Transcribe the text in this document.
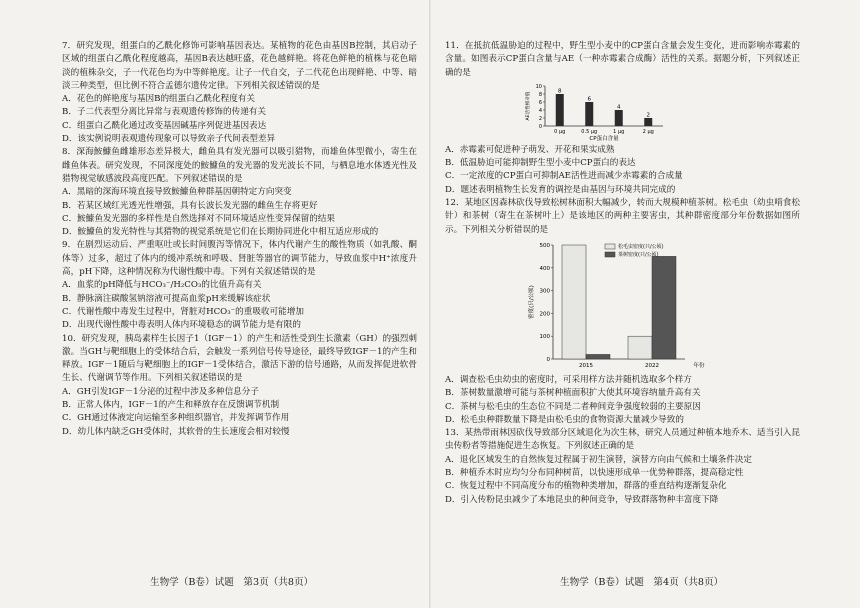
7．研究发现，组蛋白的乙酰化修饰可影响基因表达。某植物的花色由基因B控制，其启动子区域的组蛋白乙酰化程度越高，基因B表达越旺盛，花色越鲜艳。将花色鲜艳的植株与花色暗淡的植株杂交，子一代花色均为中等鲜艳度。让子一代自交，子二代花色出现鲜艳、中等、暗淡三种类型，但比例不符合孟德尔遗传定律。下列相关叙述错误的是
A．花色的鲜艳度与基因B的组蛋白乙酰化程度有关
B．子二代表型分离比异常与表观遗传修饰的传递有关
C．组蛋白乙酰化通过改变基因碱基序列促进基因表达
D．该实例说明表观遗传现象可以导致亲子代间表型差异
8．深海鮟鱇鱼雌雄形态差异极大，雌鱼具有发光器可以吸引猎物，而雄鱼体型微小，寄生在雌鱼体表。研究发现，不同深度处的鮟鱇鱼的发光器的发光波长不同，与栖息地水体透光性及猎物视觉敏感波段高度匹配。下列叙述错误的是
A．黑暗的深海环境直接导致鮟鱇鱼种群基因朝特定方向突变
B．若某区域红光透光性增强，具有长波长发光器的雌鱼生存将更好
C．鮟鱇鱼发光器的多样性是自然选择对不同环境适应性变异保留的结果
D．鮟鱇鱼的发光特性与其猎物的视觉系统是它们在长期协同进化中相互适应形成的
9．在剧烈运动后、严重呕吐或长时间腹泻等情况下，体内代谢产生的酸性物质（如乳酸、酮体等）过多，超过了体内的缓冲系统和呼吸、肾脏等器官的调节能力，导致血浆中H⁺浓度升高，pH下降，这种情况称为代谢性酸中毒。下列有关叙述错误的是
A．血浆的pH降低与HCO₃⁻/H₂CO₃的比值升高有关
B．静脉滴注碳酸氢钠溶液可提高血浆pH来缓解该症状
C．代谢性酸中毒发生过程中，肾脏对HCO₃⁻的重吸收可能增加
D．出现代谢性酸中毒表明人体内环境稳态的调节能力是有限的
10．研究发现，胰岛素样生长因子1（IGF－1）的产生和活性受到生长激素（GH）的强烈刺激。当GH与靶细胞上的受体结合后，会触发一系列信号传导途径，最终导致IGF－1的产生和释放。IGF－1随后与靶细胞上的IGF－1受体结合，激活下游的信号通路，从而发挥促进软骨生长、代谢调节等作用。下列相关叙述错误的是
A．GH引发IGF－1分泌的过程中涉及多种信息分子
B．正常人体内，IGF－1的产生和释放存在反馈调节机制
C．GH通过体液定向运输至多种组织器官，并发挥调节作用
D．幼儿体内缺乏GH受体时，其软骨的生长速度会相对较慢
11．在抵抗低温胁迫的过程中，野生型小麦中的CP蛋白含量会发生变化，进而影响赤霉素的含量。如图表示CP蛋白含量与AE（一种赤霉素合成酶）活性的关系。据题分析，下列叙述正确的是
0
2
4
6
8
10
8
0 μg
6
0.5 μg
4
1 μg
2
2 μg
CP蛋白含量
AE活性相对值
A．赤霉素可促进种子萌发、开花和果实成熟
B．低温胁迫可能抑制野生型小麦中CP蛋白的表达
C．一定浓度的CP蛋白可抑制AE活性进而减少赤霉素的合成量
D．题述表明植物生长发育的调控是由基因与环境共同完成的
12．某地区因森林砍伐导致松树林面积大幅减少，转而大规模种植茶树。松毛虫（幼虫啃食松针）和茶树（寄生在茶树叶上）是该地区的两种主要害虫，其种群密度部分年份数据如图所示。下列相关分析错误的是
0
100
200
300
400
500
2015	2022	年份
密度(只/公顷)
松毛虫密度(只/公顷)
茶树密度(只/公顷)
A．调查松毛虫幼虫的密度时，可采用样方法并随机选取多个样方
B．茶树数量激增可能与茶树种植面积扩大使其环境容纳量升高有关
C．茶树与松毛虫的生态位不同是二者种间竞争强度较弱的主要原因
D．松毛虫种群数量下降是由松毛虫的食物资源大量减少导致的
13．某热带雨林因砍伐导致部分区域退化为次生林，研究人员通过种植本地乔木、适当引入昆虫传粉者等措施促进生态恢复。下列叙述正确的是
A．退化区域发生的自然恢复过程属于初生演替，演替方向由气候和土壤条件决定
B．种植乔木时应均匀分布同种树苗，以快速形成单一优势种群落，提高稳定性
C．恢复过程中不同高度分布的植物种类增加，群落的垂直结构逐渐复杂化
D．引入传粉昆虫减少了本地昆虫的种间竞争，导致群落物种丰富度下降
生物学（B卷）试题　第3页（共8页）	生物学（B卷）试题　第4页（共8页）
